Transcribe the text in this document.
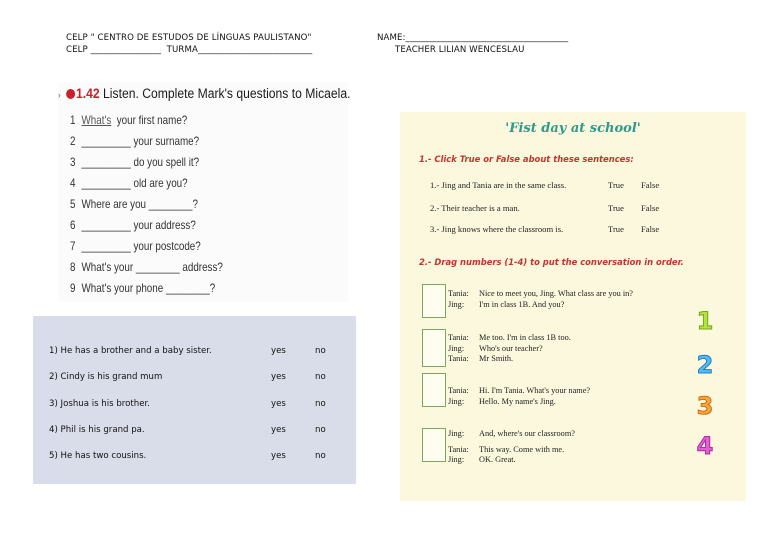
CELP " CENTRO DE ESTUDOS DE LÍNGUAS PAULISTANO"	NAME:_____________________________________
CELP ________________  TURMA__________________________	TEACHER LILIAN WENCESLAU
› 1.42 Listen. Complete Mark's questions to Micaela.
1 What's  your first name?
2 _________ your surname?
3 _________ do you spell it?
4 _________ old are you?
5 Where are you ________?
6 _________ your address?
7 _________ your postcode?
8 What's your ________ address?
9 What's your phone ________?
1) He has a brother and a baby sister.	yes	no
2) Cindy is his grand mum	yes	no
3) Joshua is his brother.	yes	no
4) Phil is his grand pa.	yes	no
5) He has two cousins.	yes	no
'Fist day at school'
1.- Click True or False about these sentences:
1.- Jing and Tania are in the same class.	True False
2.- Their teacher is a man.	True False
3.- Jing knows where the classroom is.	True False
2.- Drag numbers (1-4) to put the conversation in order.
Tania: Nice to meet you, Jing. What class are you in?
Jing: I'm in class 1B. And you?
Tania: Me too. I'm in class 1B too.
Jing: Who's our teacher?
Tania: Mr Smith.
Tania: Hi. I'm Tania. What's your name?
Jing: Hello. My name's Jing.
Jing: And, where's our classroom?
Tania: This way. Come with me.
Jing: OK. Great.
1
2
3
4
